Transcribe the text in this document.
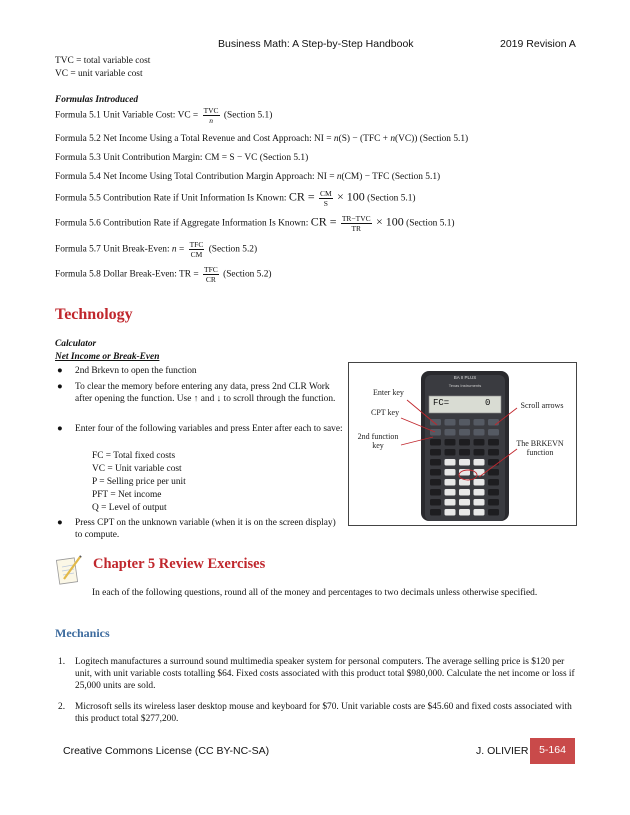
Business Math: A Step-by-Step Handbook	2019 Revision A
TVC = total variable cost
VC = unit variable cost
Formulas Introduced
Formula 5.1 Unit Variable Cost: VC = $\frac{\text{TVC}}{n}$ (Section 5.1)
Formula 5.2 Net Income Using a Total Revenue and Cost Approach: NI = n(S) − (TFC + n(VC)) (Section 5.1)
Formula 5.3 Unit Contribution Margin: CM = S − VC (Section 5.1)
Formula 5.4 Net Income Using Total Contribution Margin Approach: NI = n(CM) − TFC (Section 5.1)
Formula 5.5 Contribution Rate if Unit Information Is Known: CR = $\frac{CM}{S} \times 100$ (Section 5.1)
Formula 5.6 Contribution Rate if Aggregate Information Is Known: CR = $\frac{\text{TR−TVC}}{TR} \times 100$ (Section 5.1)
Formula 5.7 Unit Break-Even: $n = \frac{\text{TFC}}{CM}$ (Section 5.2)
Formula 5.8 Dollar Break-Even: TR = $\frac{\text{TFC}}{CR}$ (Section 5.2)
Technology
Calculator
Net Income or Break-Even
● 2nd Brkevn to open the function
● To clear the memory before entering any data, press 2nd CLR Work after opening the function. Use ↑ and ↓ to scroll through the function.
● Enter four of the following variables and press Enter after each to save:
FC = Total fixed costs
VC = Unit variable cost
P = Selling price per unit
PFT = Net income
Q = Level of output
● Press CPT on the unknown variable (when it is on the screen display) to compute.
BA II PLUS
Texas Instruments
FC=	0
Enter key
CPT key
2nd function key
Scroll arrows
The BRKEVN function
Chapter 5 Review Exercises
In each of the following questions, round all of the money and percentages to two decimals unless otherwise specified.
Mechanics
1. Logitech manufactures a surround sound multimedia speaker system for personal computers. The average selling price is $120 per unit, with unit variable costs totalling $64. Fixed costs associated with this product total $980,000. Calculate the net income or loss if 25,000 units are sold.
2. Microsoft sells its wireless laser desktop mouse and keyboard for $70. Unit variable costs are $45.60 and fixed costs associated with this product total $277,200.
Creative Commons License (CC BY-NC-SA)	J. OLIVIER	5-164
